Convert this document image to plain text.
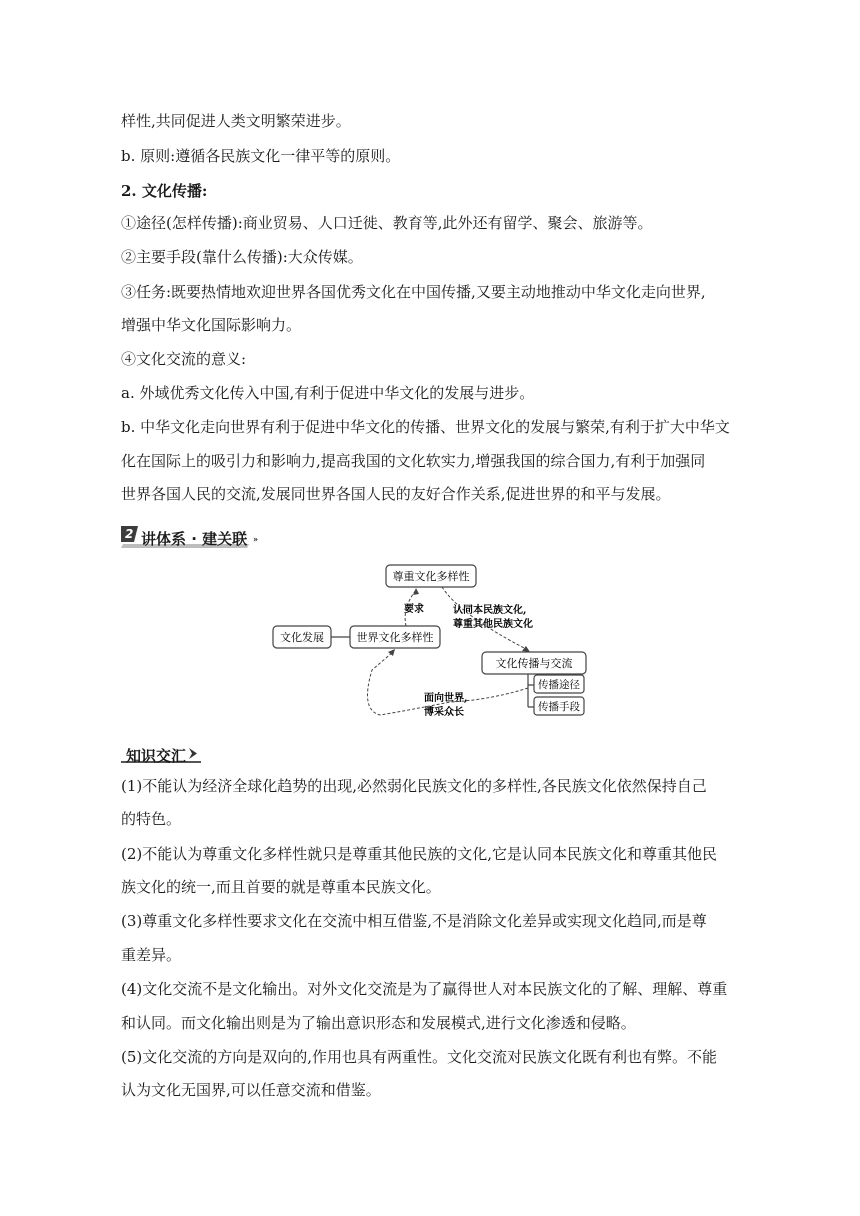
样性,共同促进人类文明繁荣进步。
b. 原则:遵循各民族文化一律平等的原则。
2. 文化传播:
①途径(怎样传播):商业贸易、人口迁徙、教育等,此外还有留学、聚会、旅游等。
②主要手段(靠什么传播):大众传媒。
③任务:既要热情地欢迎世界各国优秀文化在中国传播,又要主动地推动中华文化走向世界,
增强中华文化国际影响力。
④文化交流的意义:
a. 外域优秀文化传入中国,有利于促进中华文化的发展与进步。
b. 中华文化走向世界有利于促进中华文化的传播、世界文化的发展与繁荣,有利于扩大中华文
化在国际上的吸引力和影响力,提高我国的文化软实力,增强我国的综合国力,有利于加强同
世界各国人民的交流,发展同世界各国人民的友好合作关系,促进世界的和平与发展。
2 讲体系 · 建关联 »
尊重文化多样性
文化发展	世界文化多样性
文化传播与交流
传播途径
传播手段
要求	认同本民族文化,
尊重其他民族文化
面向世界,
博采众长
知识交汇
(1)不能认为经济全球化趋势的出现,必然弱化民族文化的多样性,各民族文化依然保持自己
的特色。
(2)不能认为尊重文化多样性就只是尊重其他民族的文化,它是认同本民族文化和尊重其他民
族文化的统一,而且首要的就是尊重本民族文化。
(3)尊重文化多样性要求文化在交流中相互借鉴,不是消除文化差异或实现文化趋同,而是尊
重差异。
(4)文化交流不是文化输出。对外文化交流是为了赢得世人对本民族文化的了解、理解、尊重
和认同。而文化输出则是为了输出意识形态和发展模式,进行文化渗透和侵略。
(5)文化交流的方向是双向的,作用也具有两重性。文化交流对民族文化既有利也有弊。不能
认为文化无国界,可以任意交流和借鉴。
